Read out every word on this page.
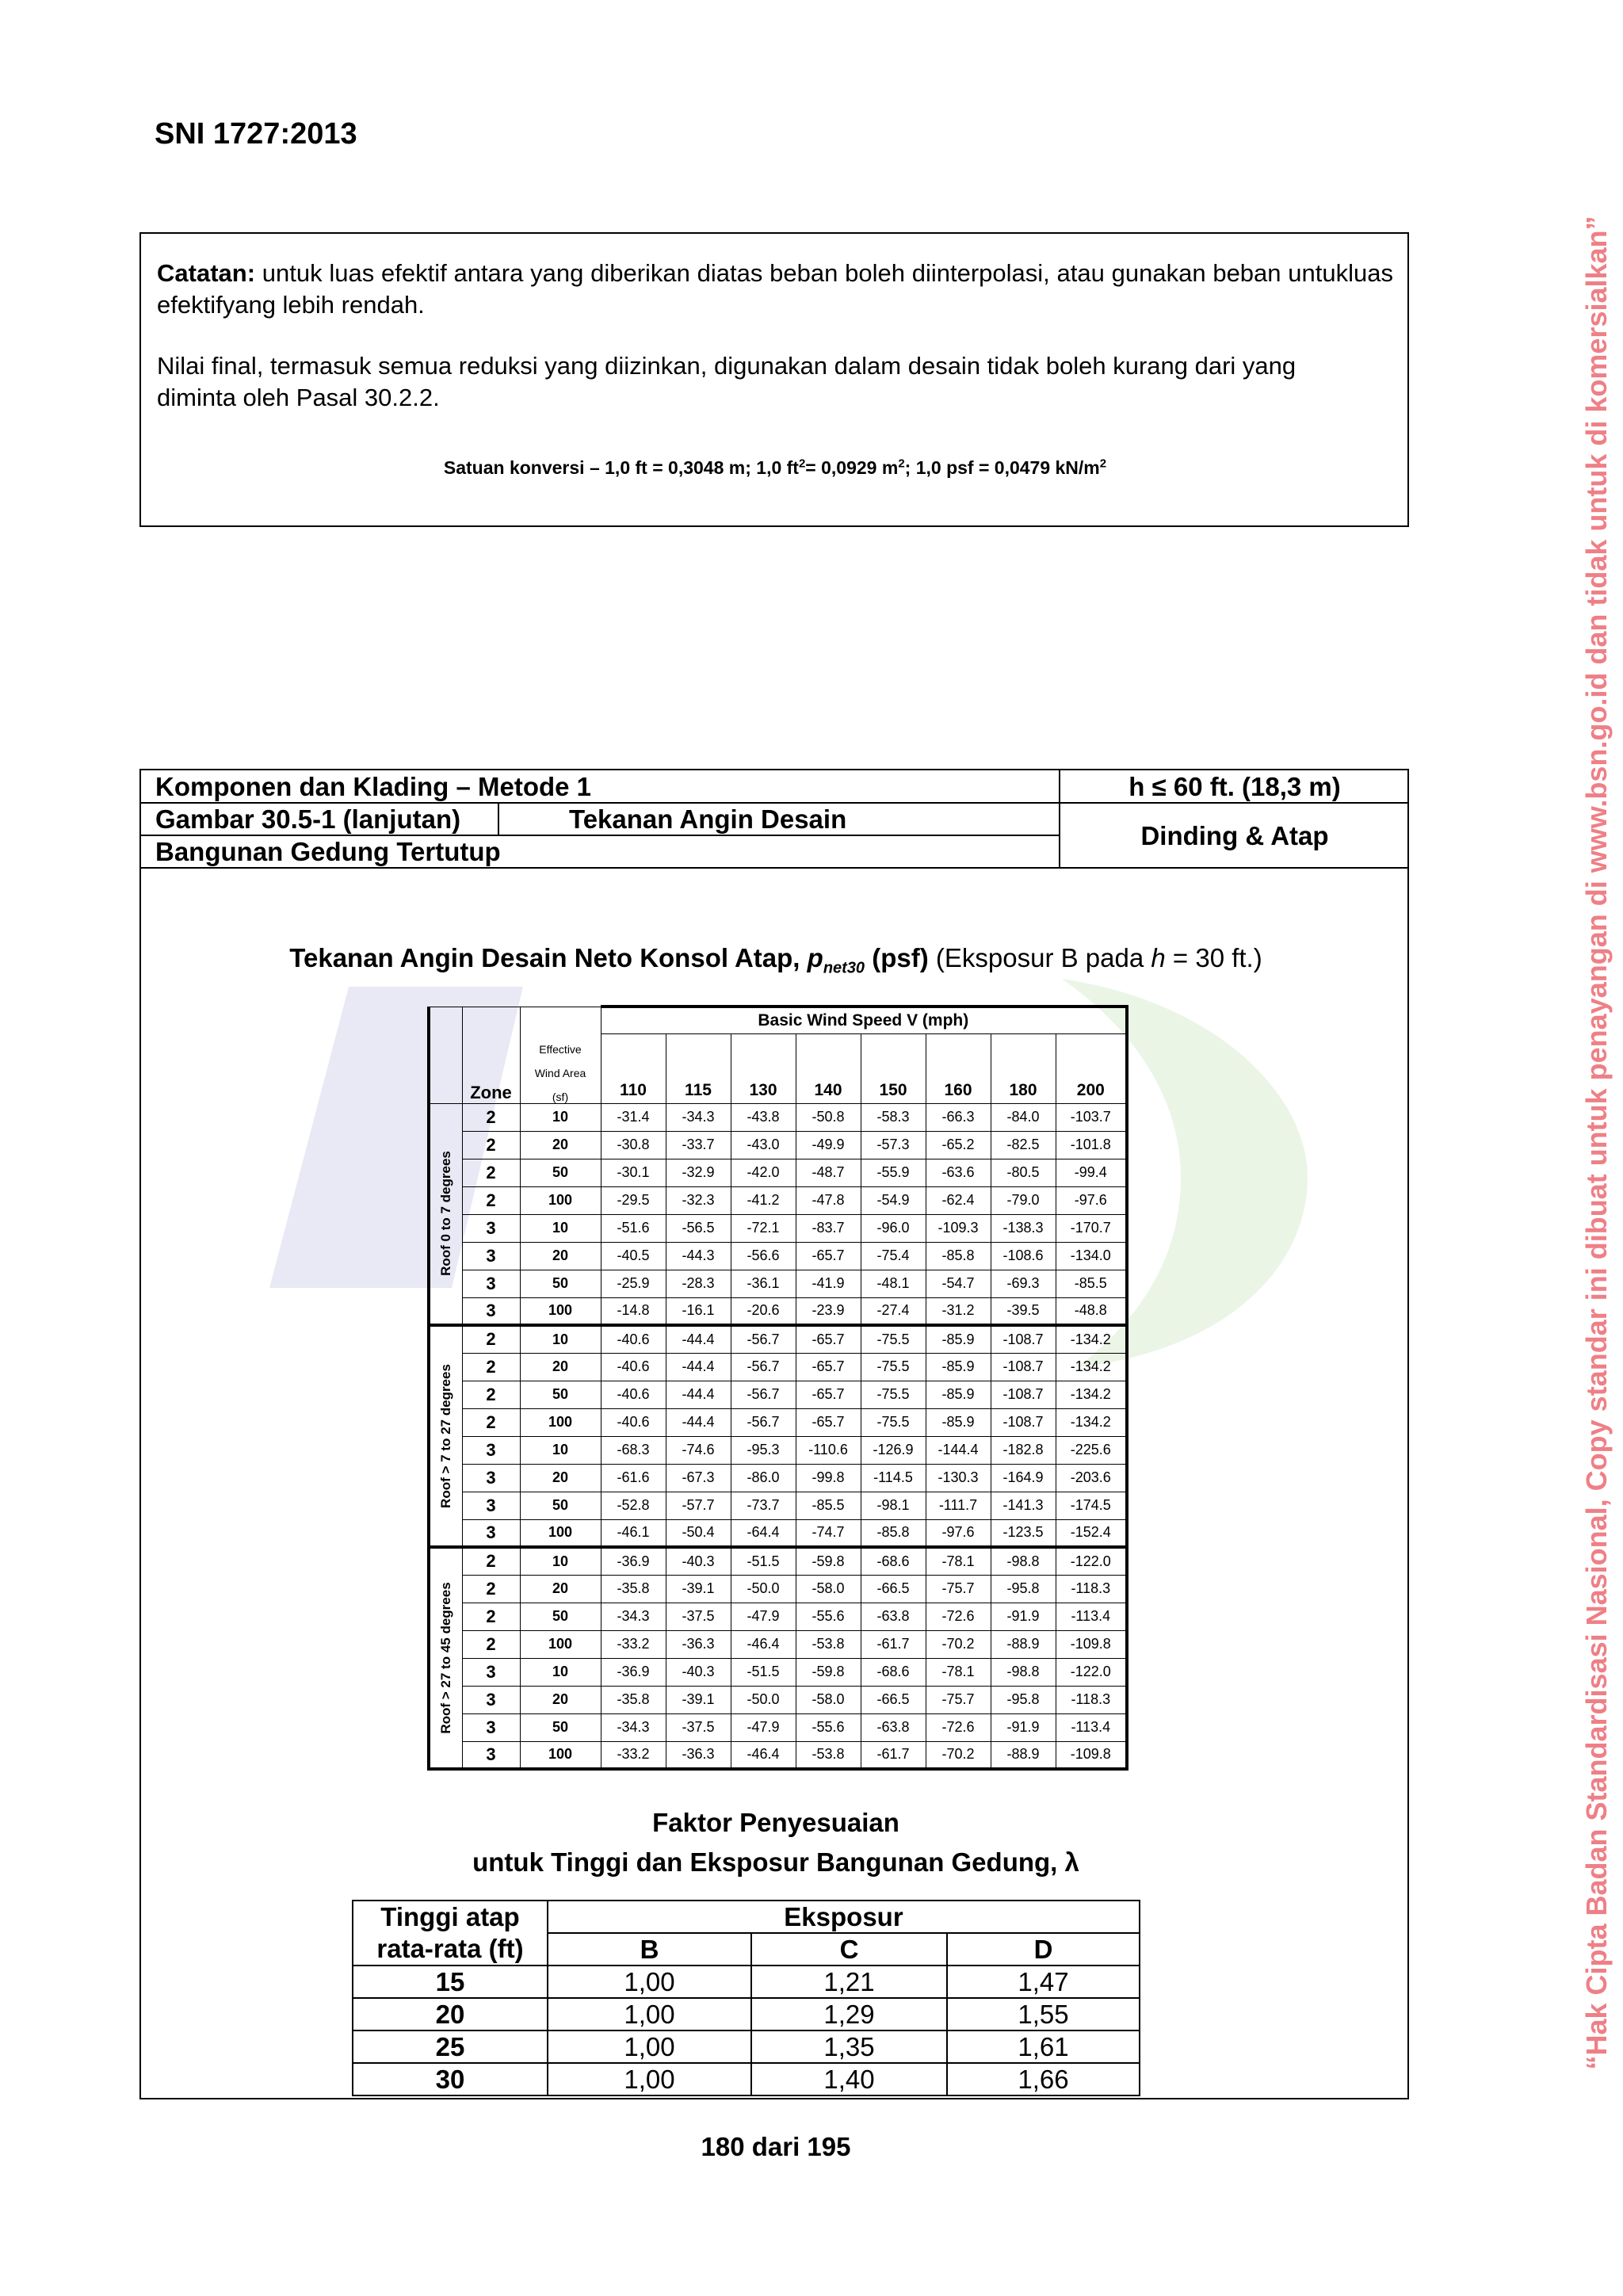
SNI 1727:2013
“Hak Cipta Badan Standardisasi Nasional, Copy standar ini dibuat untuk penayangan di www.bsn.go.id dan tidak untuk di komersialkan”

Catatan: untuk luas efektif antara yang diberikan diatas beban boleh diinterpolasi, atau gunakan beban untukluas efektifyang lebih rendah.

Nilai final, termasuk semua reduksi yang diizinkan, digunakan dalam desain tidak boleh kurang dari yang diminta oleh Pasal 30.2.2.

Satuan konversi – 1,0 ft = 0,3048 m; 1,0 $ft^2= 0,0929$ $m^2$; 1,0 psf = 0,0479 $kN/m^2$

Komponen dan Klading – Metode 1	h ≤ 60 ft. (18,3 m)
Gambar 30.5-1 (lanjutan)	Tekanan Angin Desain
Bangunan Gedung Tertutup
Dinding & Atap
Tekanan Angin Desain Neto Konsol Atap, $p_{net30}$ (psf) (Eksposur B pada h = 30 ft.)
	Zone	Effective
Wind Area
(sf)	Basic Wind Speed V (mph)							
			110	115	130	140	150	160	180	200

Roof 0 to 7 degrees	2	10	-31.4	-34.3	-43.8	-50.8	-58.3	-66.3	-84.0	-103.7
	2	20	-30.8	-33.7	-43.0	-49.9	-57.3	-65.2	-82.5	-101.8
	2	50	-30.1	-32.9	-42.0	-48.7	-55.9	-63.6	-80.5	-99.4
	2	100	-29.5	-32.3	-41.2	-47.8	-54.9	-62.4	-79.0	-97.6
	3	10	-51.6	-56.5	-72.1	-83.7	-96.0	-109.3	-138.3	-170.7
	3	20	-40.5	-44.3	-56.6	-65.7	-75.4	-85.8	-108.6	-134.0
	3	50	-25.9	-28.3	-36.1	-41.9	-48.1	-54.7	-69.3	-85.5
	3	100	-14.8	-16.1	-20.6	-23.9	-27.4	-31.2	-39.5	-48.8

Roof > 7 to 27 degrees	2	10	-40.6	-44.4	-56.7	-65.7	-75.5	-85.9	-108.7	-134.2
	2	20	-40.6	-44.4	-56.7	-65.7	-75.5	-85.9	-108.7	-134.2
	2	50	-40.6	-44.4	-56.7	-65.7	-75.5	-85.9	-108.7	-134.2
	2	100	-40.6	-44.4	-56.7	-65.7	-75.5	-85.9	-108.7	-134.2
	3	10	-68.3	-74.6	-95.3	-110.6	-126.9	-144.4	-182.8	-225.6
	3	20	-61.6	-67.3	-86.0	-99.8	-114.5	-130.3	-164.9	-203.6
	3	50	-52.8	-57.7	-73.7	-85.5	-98.1	-111.7	-141.3	-174.5
	3	100	-46.1	-50.4	-64.4	-74.7	-85.8	-97.6	-123.5	-152.4

Roof > 27 to 45 degrees	2	10	-36.9	-40.3	-51.5	-59.8	-68.6	-78.1	-98.8	-122.0
	2	20	-35.8	-39.1	-50.0	-58.0	-66.5	-75.7	-95.8	-118.3
	2	50	-34.3	-37.5	-47.9	-55.6	-63.8	-72.6	-91.9	-113.4
	2	100	-33.2	-36.3	-46.4	-53.8	-61.7	-70.2	-88.9	-109.8
	3	10	-36.9	-40.3	-51.5	-59.8	-68.6	-78.1	-98.8	-122.0
	3	20	-35.8	-39.1	-50.0	-58.0	-66.5	-75.7	-95.8	-118.3
	3	50	-34.3	-37.5	-47.9	-55.6	-63.8	-72.6	-91.9	-113.4
	3	100	-33.2	-36.3	-46.4	-53.8	-61.7	-70.2	-88.9	-109.8
Faktor Penyesuaian
untuk Tinggi dan Eksposur Bangunan Gedung, λ
Tinggi atap
rata-rata (ft)	Eksposur		
	B	C	D
15	1,00	1,21	1,47
20	1,00	1,29	1,55
25	1,00	1,35	1,61
30	1,00	1,40	1,66
180 dari 195
